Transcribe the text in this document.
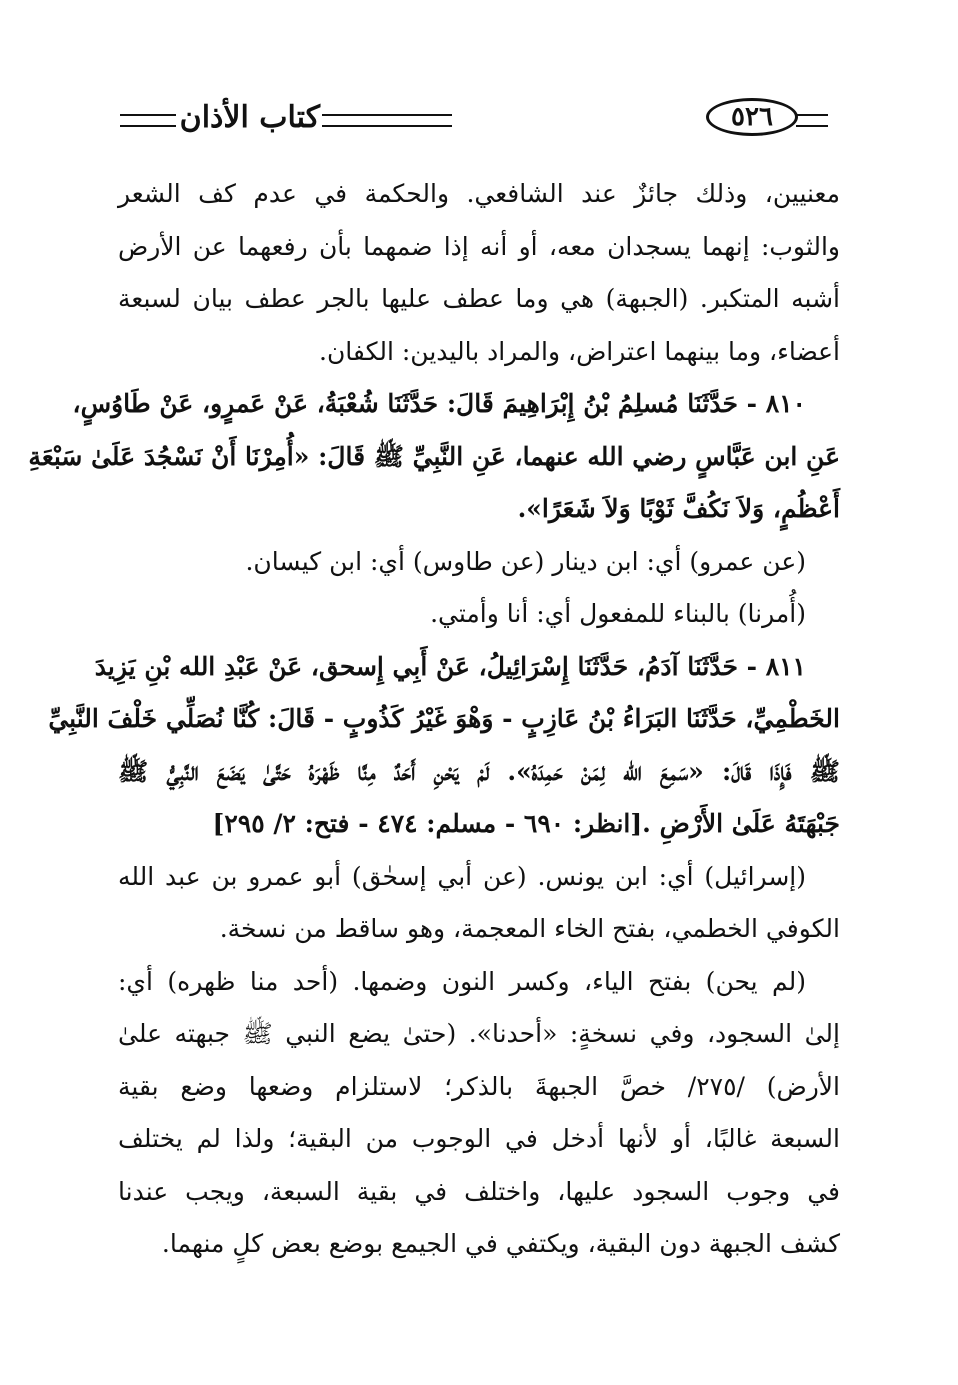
كتاب الأذان	٥٢٦
معنيين، وذلك جائزٌ عند الشافعي. والحكمة في عدم كف الشعر
والثوب: إنهما يسجدان معه، أو أنه إذا ضمهما بأن رفعهما عن الأرض
أشبه المتكبر. (الجبهة) هي وما عطف عليها بالجر عطف بيان لسبعة
أعضاء، وما بينهما اعتراض، والمراد باليدين: الكفان.
٨١٠ - حَدَّثَنَا مُسلِمُ بْنُ إِبْرَاهِيمَ قَالَ: حَدَّثَنَا شُعْبَةُ، عَنْ عَمرٍو، عَنْ طَاوُسٍ،
عَنِ ابن عَبَّاسٍ رضي الله عنهما، عَنِ النَّبِيِّ ﷺ قَالَ: «أُمِرْنَا أَنْ نَسْجُدَ عَلَىٰ سَبْعَةِ
أَعْظُمٍ، وَلاَ نَكُفَّ ثَوْبًا وَلاَ شَعَرًا».
(عن عمرو) أي: ابن دينار (عن طاوس) أي: ابن كيسان.
(أُمرنا) بالبناء للمفعول أي: أنا وأمتي.
٨١١ - حَدَّثَنَا آدَمُ، حَدَّثَنَا إِسْرَائِيلُ، عَنْ أَبِي إِسحق، عَنْ عَبْدِ الله بْنِ يَزِيدَ
الخَطْمِيِّ، حَدَّثَنَا البَرَاءُ بْنُ عَازِبٍ - وَهْوَ غَيْرُ كَذُوبٍ - قَالَ: كُنَّا نُصَلِّي خَلْفَ النَّبِيِّ
ﷺ فَإِذَا قَالَ: «سَمِعَ الله لِمَنْ حَمِدَهُ». لَمْ يَحْنِ أَحَدٌ مِنَّا ظَهْرَهُ حَتَّىٰ يَضَعَ النَّبِيُّ ﷺ
جَبْهَتَهُ عَلَىٰ الأَرْضِ .[انظر: ٦٩٠ - مسلم: ٤٧٤ - فتح: ٢/ ٢٩٥]
(إسرائيل) أي: ابن يونس. (عن أبي إسحٰق) أبو عمرو بن عبد الله
الكوفي الخطمي، بفتح الخاء المعجمة، وهو ساقط من نسخة.
(لم يحن) بفتح الياء، وكسر النون وضمها. (أحد منا ظهره) أي:
إلىٰ السجود، وفي نسخةٍ: «أحدنا». (حتىٰ يضع النبي ﷺ جبهته علىٰ
الأرض) /٢٧٥/ خصَّ الجبهةَ بالذكر؛ لاستلزام وضعها وضع بقية
السبعة غالبًا، أو لأنها أدخل في الوجوب من البقية؛ ولذا لم يختلف
في وجوب السجود عليها، واختلف في بقية السبعة، ويجب عندنا
كشف الجبهة دون البقية، ويكتفي في الجيمع بوضع بعض كلٍ منهما.
